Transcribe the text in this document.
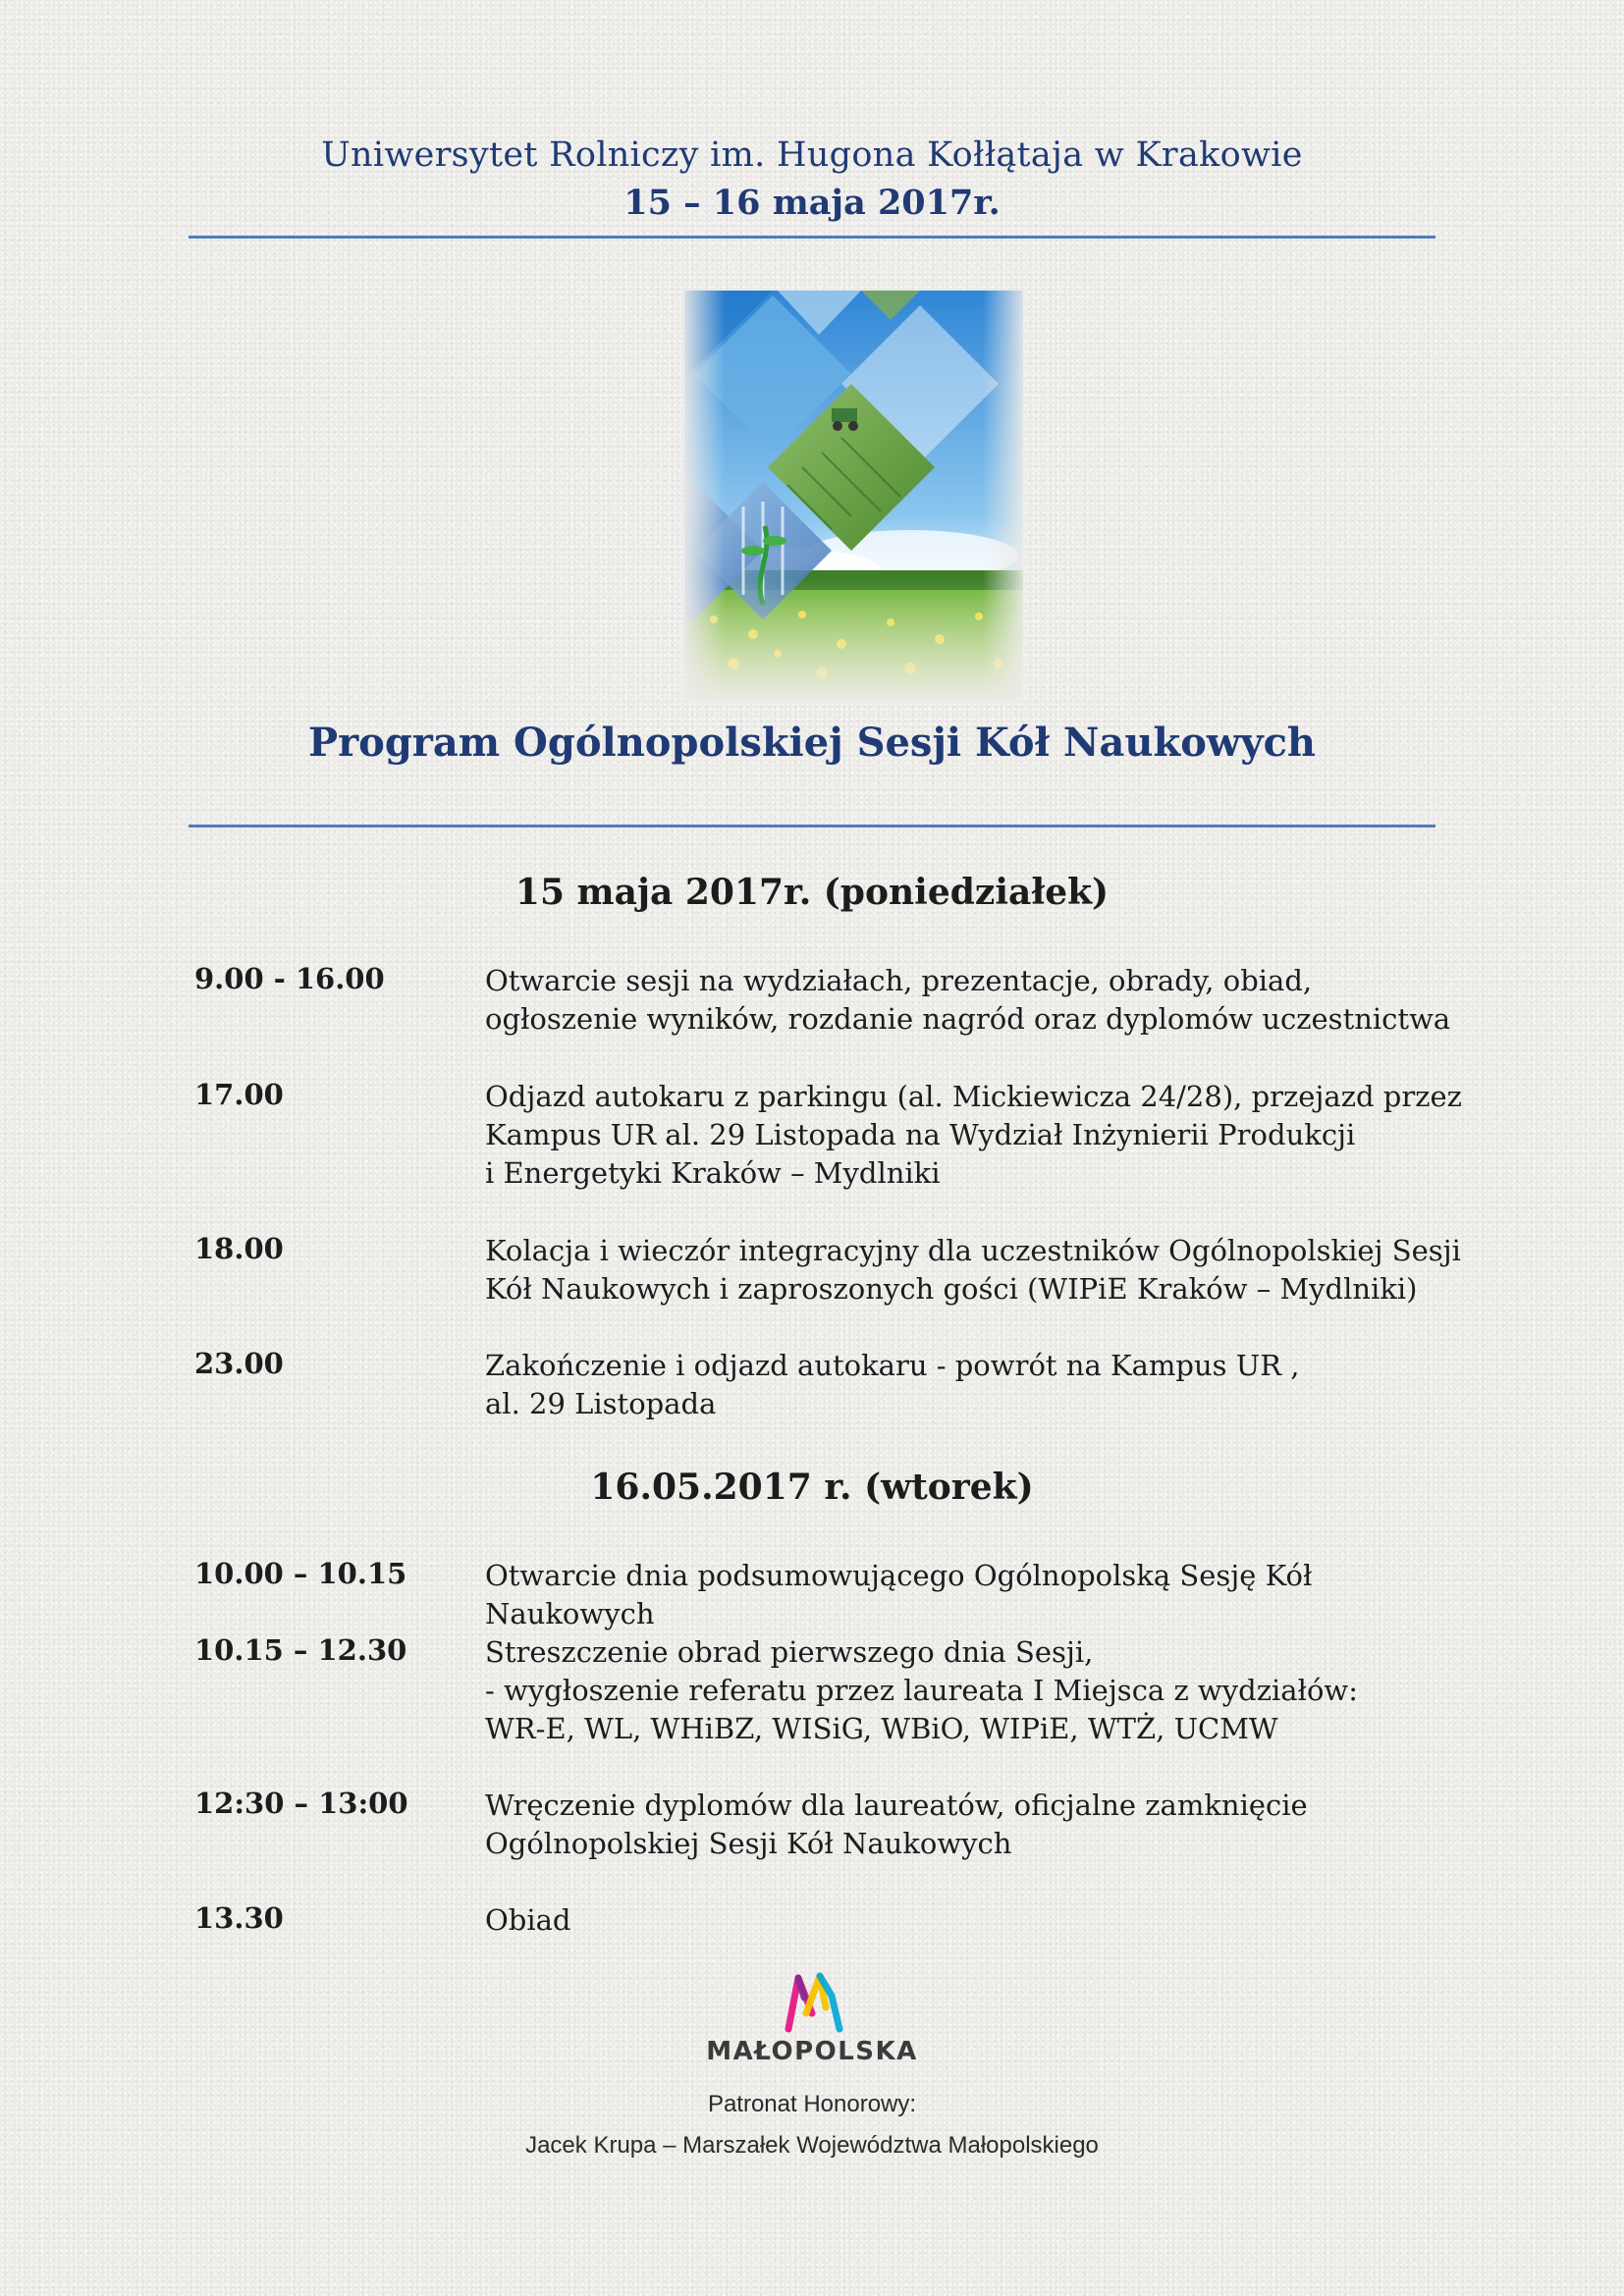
Uniwersytet Rolniczy im. Hugona Kołłątaja w Krakowie
15 – 16 maja 2017r.
Program Ogólnopolskiej Sesji Kół Naukowych
15 maja 2017r. (poniedziałek)
9.00 - 16.00	Otwarcie sesji na wydziałach, prezentacje, obrady, obiad,
ogłoszenie wyników, rozdanie nagród oraz dyplomów uczestnictwa
17.00	Odjazd autokaru z parkingu (al. Mickiewicza 24/28), przejazd przez
Kampus UR al. 29 Listopada na Wydział Inżynierii Produkcji
i Energetyki Kraków – Mydlniki
18.00	Kolacja i wieczór integracyjny dla uczestników Ogólnopolskiej Sesji
Kół Naukowych i zaproszonych gości (WIPiE Kraków – Mydlniki)
23.00	Zakończenie i odjazd autokaru - powrót na Kampus UR ,
al. 29 Listopada
16.05.2017 r. (wtorek)
10.00 – 10.15	Otwarcie dnia podsumowującego Ogólnopolską Sesję Kół
Naukowych
10.15 – 12.30	Streszczenie obrad pierwszego dnia Sesji,
- wygłoszenie referatu przez laureata I Miejsca z wydziałów:
WR-E, WL, WHiBZ, WISiG, WBiO, WIPiE, WTŻ, UCMW
12:30 – 13:00	Wręczenie dyplomów dla laureatów, oficjalne zamknięcie
Ogólnopolskiej Sesji Kół Naukowych
13.30	Obiad
MAŁOPOLSKA
Patronat Honorowy:
Jacek Krupa – Marszałek Województwa Małopolskiego
